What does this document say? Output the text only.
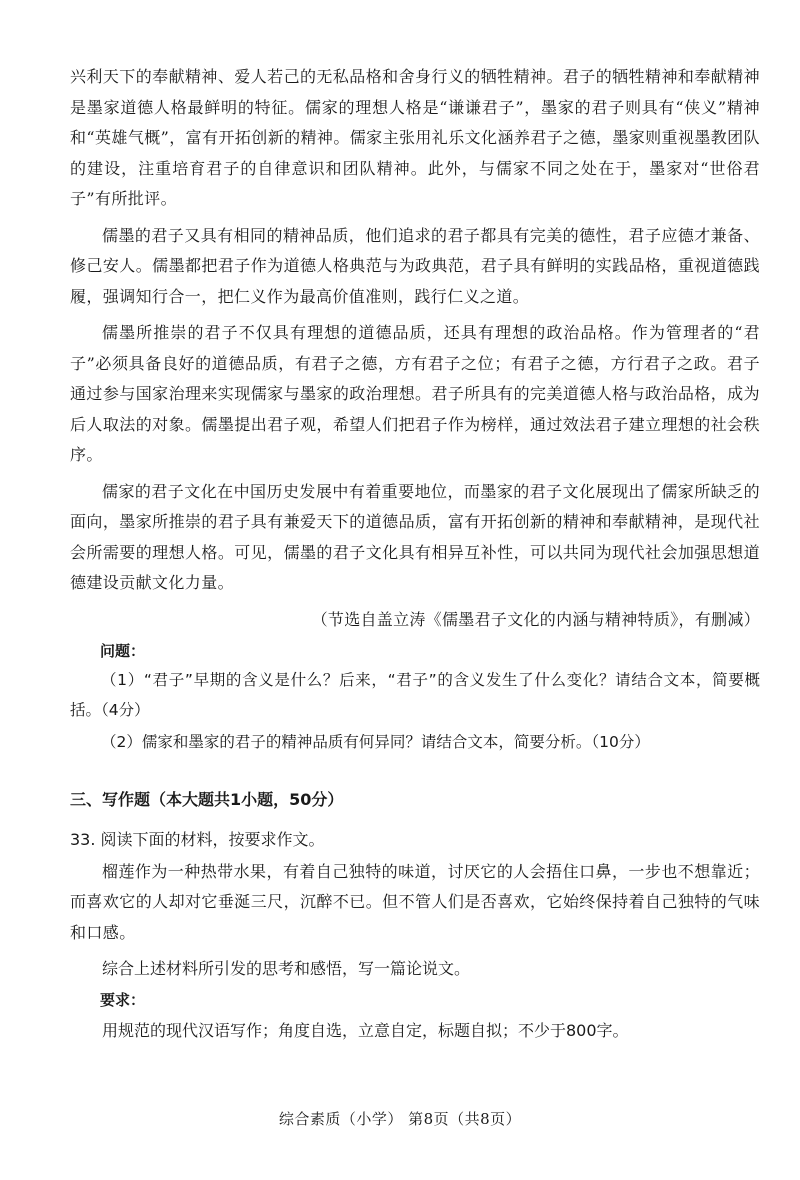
兴利天下的奉献精神、爱人若己的无私品格和舍身行义的牺牲精神。君子的牺牲精神和奉献精神是墨家道德人格最鲜明的特征。儒家的理想人格是“谦谦君子”，墨家的君子则具有“侠义”精神和“英雄气概”，富有开拓创新的精神。儒家主张用礼乐文化涵养君子之德，墨家则重视墨教团队的建设，注重培育君子的自律意识和团队精神。此外，与儒家不同之处在于，墨家对“世俗君子”有所批评。

儒墨的君子又具有相同的精神品质，他们追求的君子都具有完美的德性，君子应德才兼备、修己安人。儒墨都把君子作为道德人格典范与为政典范，君子具有鲜明的实践品格，重视道德践履，强调知行合一，把仁义作为最高价值准则，践行仁义之道。

儒墨所推崇的君子不仅具有理想的道德品质，还具有理想的政治品格。作为管理者的“君子”必须具备良好的道德品质，有君子之德，方有君子之位；有君子之德，方行君子之政。君子通过参与国家治理来实现儒家与墨家的政治理想。君子所具有的完美道德人格与政治品格，成为后人取法的对象。儒墨提出君子观，希望人们把君子作为榜样，通过效法君子建立理想的社会秩序。

儒家的君子文化在中国历史发展中有着重要地位，而墨家的君子文化展现出了儒家所缺乏的面向，墨家所推崇的君子具有兼爱天下的道德品质，富有开拓创新的精神和奉献精神，是现代社会所需要的理想人格。可见，儒墨的君子文化具有相异互补性，可以共同为现代社会加强思想道德建设贡献文化力量。

（节选自盖立涛《儒墨君子文化的内涵与精神特质》，有删减）

问题：

（1）“君子”早期的含义是什么？后来，“君子”的含义发生了什么变化？请结合文本，简要概括。（4分）

（2）儒家和墨家的君子的精神品质有何异同？请结合文本，简要分析。（10分）

三、写作题（本大题共1小题，50分）

33. 阅读下面的材料，按要求作文。

榴莲作为一种热带水果，有着自己独特的味道，讨厌它的人会捂住口鼻，一步也不想靠近；而喜欢它的人却对它垂涎三尺，沉醉不已。但不管人们是否喜欢，它始终保持着自己独特的气味和口感。

综合上述材料所引发的思考和感悟，写一篇论说文。

要求：

用规范的现代汉语写作；角度自选，立意自定，标题自拟；不少于800字。

综合素质（小学） 第8页（共8页）
